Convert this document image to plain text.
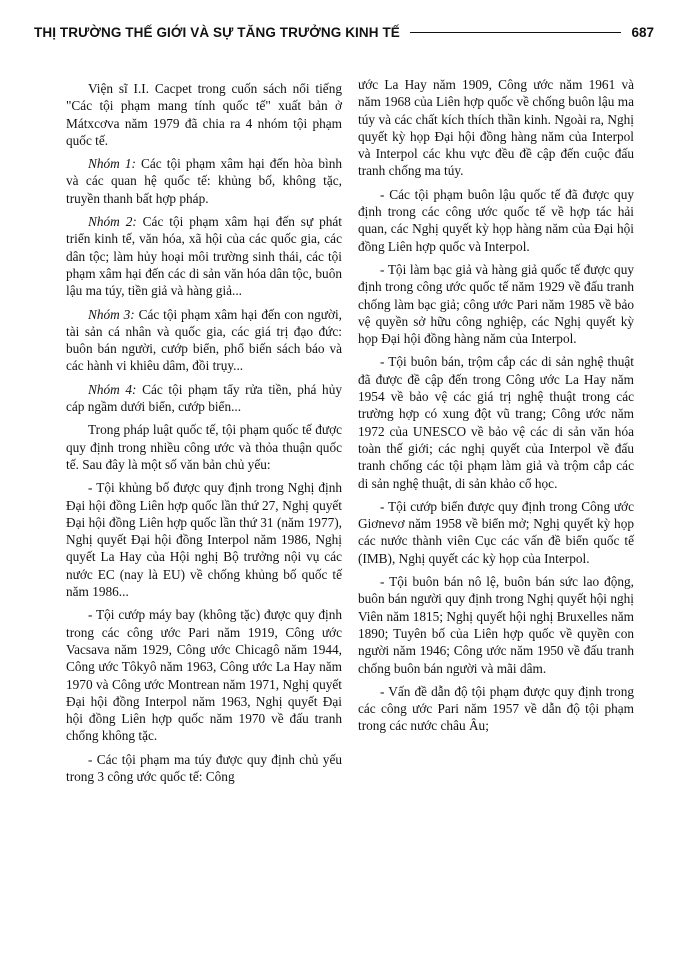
THỊ TRƯỜNG THẾ GIỚI VÀ SỰ TĂNG TRƯỞNG KINH TẾ	687

Viện sĩ I.I. Cacpet trong cuốn sách nổi tiếng "Các tội phạm mang tính quốc tế" xuất bản ở Mátxcơva năm 1979 đã chia ra 4 nhóm tội phạm quốc tế.

Nhóm 1: Các tội phạm xâm hại đến hòa bình và các quan hệ quốc tế: khủng bố, không tặc, truyền thanh bất hợp pháp.

Nhóm 2: Các tội phạm xâm hại đến sự phát triển kinh tế, văn hóa, xã hội của các quốc gia, các dân tộc; làm hủy hoại môi trường sinh thái, các tội phạm xâm hại đến các di sản văn hóa dân tộc, buôn lậu ma túy, tiền giả và hàng giả...

Nhóm 3: Các tội phạm xâm hại đến con người, tài sản cá nhân và quốc gia, các giá trị đạo đức: buôn bán người, cướp biển, phổ biến sách báo và các hành vi khiêu dâm, đồi trụy...

Nhóm 4: Các tội phạm tẩy rửa tiền, phá hủy cáp ngầm dưới biển, cướp biển...

Trong pháp luật quốc tế, tội phạm quốc tế được quy định trong nhiều công ước và thỏa thuận quốc tế. Sau đây là một số văn bản chủ yếu:

- Tội khủng bố được quy định trong Nghị định Đại hội đồng Liên hợp quốc lần thứ 27, Nghị quyết Đại hội đồng Liên hợp quốc lần thứ 31 (năm 1977), Nghị quyết Đại hội đồng Interpol năm 1986, Nghị quyết La Hay của Hội nghị Bộ trưởng nội vụ các nước EC (nay là EU) về chống khủng bố quốc tế năm 1986...

- Tội cướp máy bay (không tặc) được quy định trong các công ước Pari năm 1919, Công ước Vacsava năm 1929, Công ước Chicagô năm 1944, Công ước Tôkyô năm 1963, Công ước La Hay năm 1970 và Công ước Montrean năm 1971, Nghị quyết Đại hội đồng Interpol năm 1963, Nghị quyết Đại hội đồng Liên hợp quốc năm 1970 về đấu tranh chống không tặc.

- Các tội phạm ma túy được quy định chủ yếu trong 3 công ước quốc tế: Công

ước La Hay năm 1909, Công ước năm 1961 và năm 1968 của Liên hợp quốc về chống buôn lậu ma túy và các chất kích thích thần kinh. Ngoài ra, Nghị quyết kỳ họp Đại hội đồng hàng năm của Interpol và Interpol các khu vực đều đề cập đến cuộc đấu tranh chống ma túy.

- Các tội phạm buôn lậu quốc tế đã được quy định trong các công ước quốc tế về hợp tác hải quan, các Nghị quyết kỳ họp hàng năm của Đại hội đồng Liên hợp quốc và Interpol.

- Tội làm bạc giả và hàng giả quốc tế được quy định trong công ước quốc tế năm 1929 về đấu tranh chống làm bạc giả; công ước Pari năm 1985 về bảo vệ quyền sở hữu công nghiệp, các Nghị quyết kỳ họp Đại hội đồng hàng năm của Interpol.

- Tội buôn bán, trộm cắp các di sản nghệ thuật đã được đề cập đến trong Công ước La Hay năm 1954 về bảo vệ các giá trị nghệ thuật trong các trường hợp có xung đột vũ trang; Công ước năm 1972 của UNESCO về bảo vệ các di sản văn hóa toàn thế giới; các nghị quyết của Interpol về đấu tranh chống các tội phạm làm giả và trộm cắp các di sản nghệ thuật, di sản khảo cổ học.

- Tội cướp biển được quy định trong Công ước Giơnevơ năm 1958 về biển mở; Nghị quyết kỳ họp các nước thành viên Cục các vấn đề biển quốc tế (IMB), Nghị quyết các kỳ họp của Interpol.

- Tội buôn bán nô lệ, buôn bán sức lao động, buôn bán người quy định trong Nghị quyết hội nghị Viên năm 1815; Nghị quyết hội nghị Bruxelles năm 1890; Tuyên bố của Liên hợp quốc về quyền con người năm 1946; Công ước năm 1950 về đấu tranh chống buôn bán người và mãi dâm.

- Vấn đề dẫn độ tội phạm được quy định trong các công ước Pari năm 1957 về dẫn độ tội phạm trong các nước châu Âu;
